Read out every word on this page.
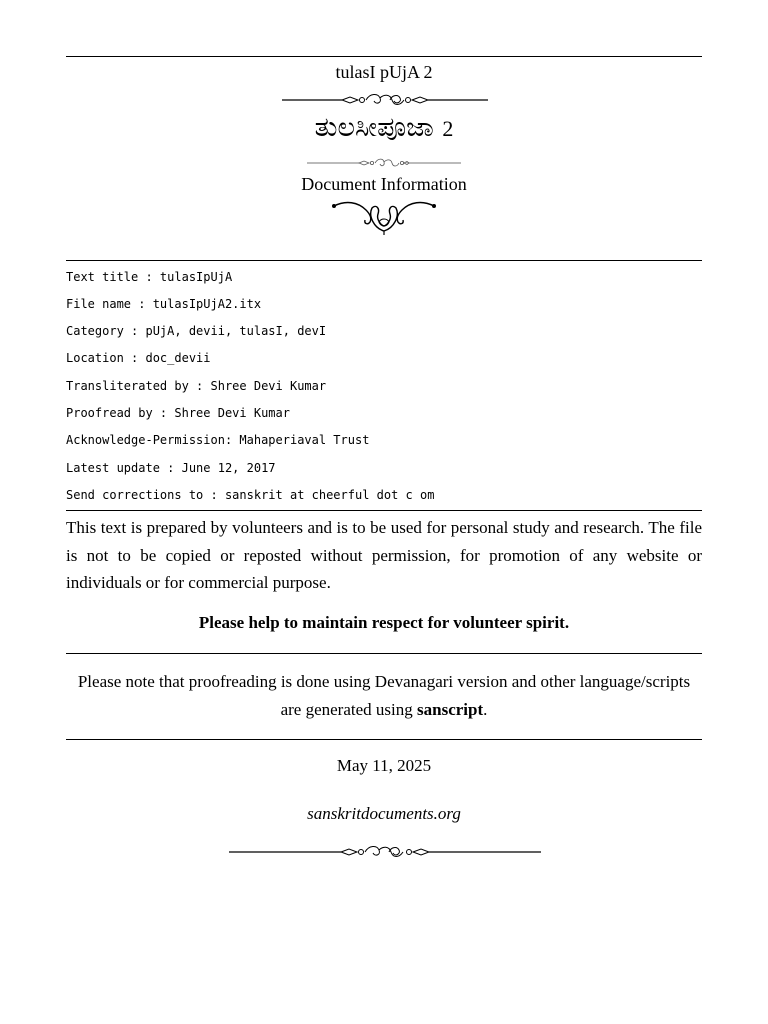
tulasI pUjA 2
ತುಲಸೀಪೂಜಾ 2
Document Information
Text title : tulasIpUjA
File name : tulasIpUjA2.itx
Category : pUjA, devii, tulasI, devI
Location : doc_devii
Transliterated by : Shree Devi Kumar
Proofread by : Shree Devi Kumar
Acknowledge-Permission: Mahaperiaval Trust
Latest update : June 12, 2017
Send corrections to : sanskrit at cheerful dot c om
This text is prepared by volunteers and is to be used for personal study and research. The file is not to be copied or reposted without permission, for promotion of any website or individuals or for commercial purpose.
Please help to maintain respect for volunteer spirit.
Please note that proofreading is done using Devanagari version and other language/scripts are generated using sanscript.
May 11, 2025
sanskritdocuments.org
